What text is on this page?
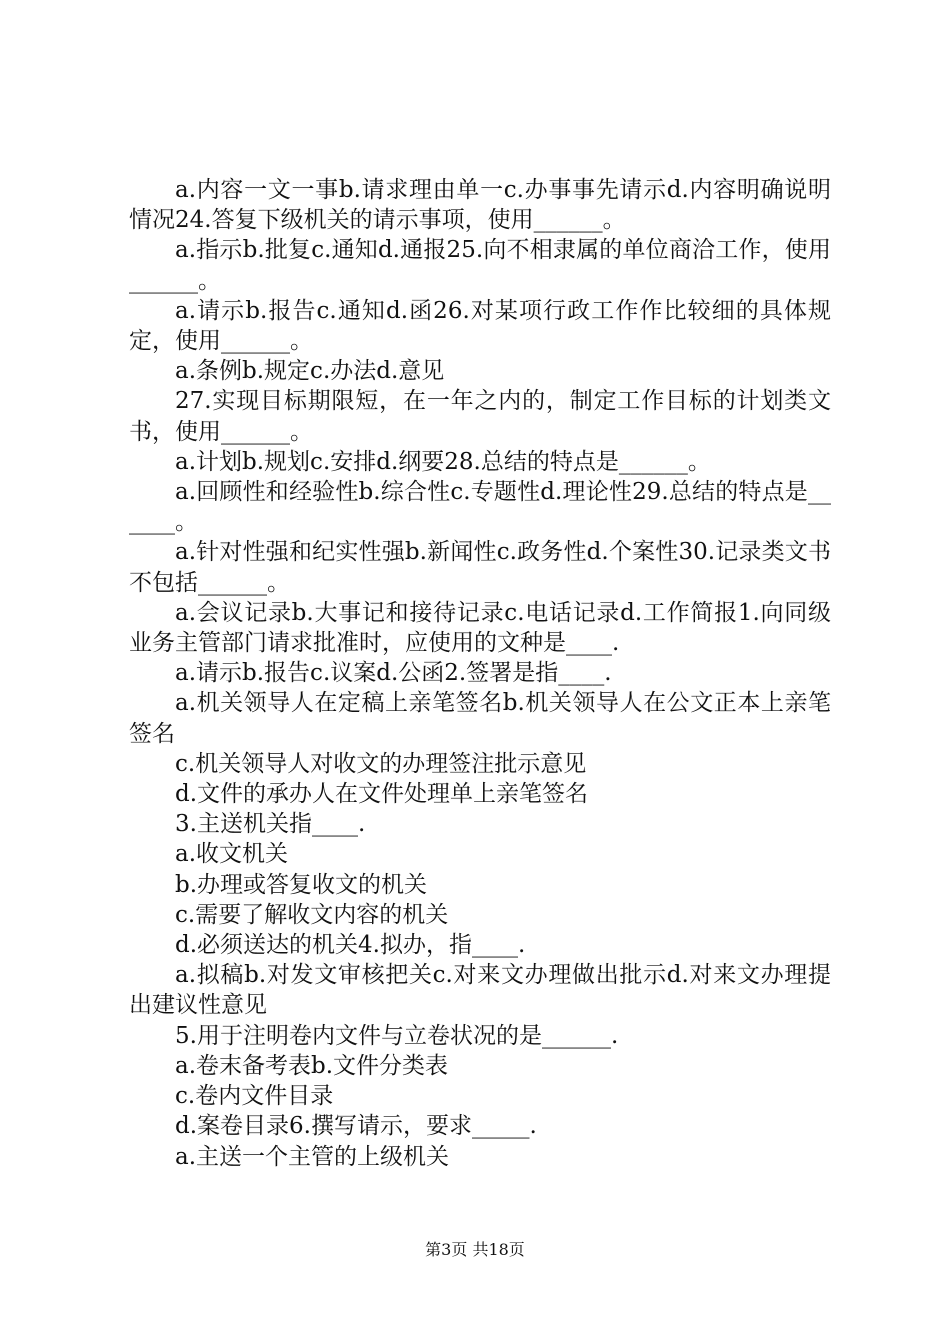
a.内容一文一事b.请求理由单一c.办事事先请示d.内容明确说明情况24.答复下级机关的请示事项，使用______。

a.指示b.批复c.通知d.通报25.向不相隶属的单位商洽工作，使用______。

a.请示b.报告c.通知d.函26.对某项行政工作作比较细的具体规定，使用______。

a.条例b.规定c.办法d.意见

27.实现目标期限短，在一年之内的，制定工作目标的计划类文书，使用______。

a.计划b.规划c.安排d.纲要28.总结的特点是______。

a.回顾性和经验性b.综合性c.专题性d.理论性29.总结的特点是______。

a.针对性强和纪实性强b.新闻性c.政务性d.个案性30.记录类文书不包括______。

a.会议记录b.大事记和接待记录c.电话记录d.工作简报1.向同级业务主管部门请求批准时，应使用的文种是____.

a.请示b.报告c.议案d.公函2.签署是指____.

a.机关领导人在定稿上亲笔签名b.机关领导人在公文正本上亲笔签名

c.机关领导人对收文的办理签注批示意见

d.文件的承办人在文件处理单上亲笔签名

3.主送机关指____.

a.收文机关

b.办理或答复收文的机关

c.需要了解收文内容的机关

d.必须送达的机关4.拟办，指____.

a.拟稿b.对发文审核把关c.对来文办理做出批示d.对来文办理提出建议性意见

5.用于注明卷内文件与立卷状况的是______.

a.卷末备考表b.文件分类表

c.卷内文件目录

d.案卷目录6.撰写请示，要求_____.

a.主送一个主管的上级机关

第3页 共18页
